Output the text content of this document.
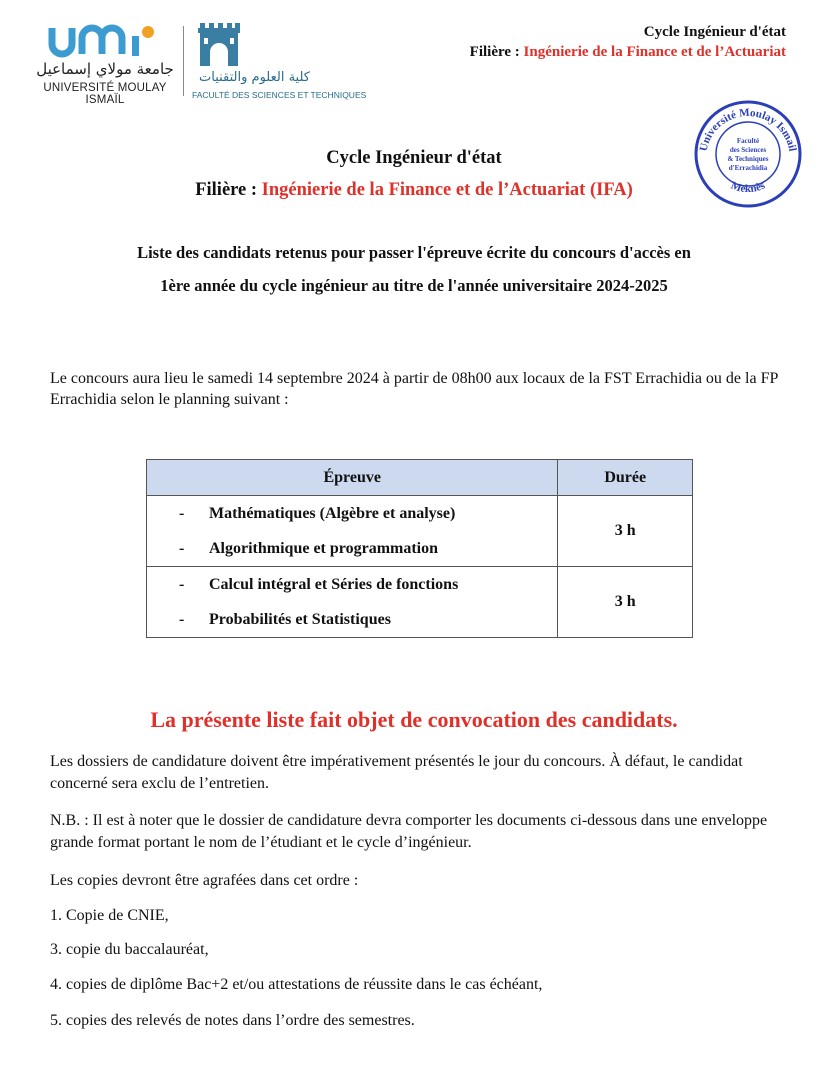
جامعة مولاي إسماعيل
UNIVERSITÉ MOULAY ISMAÏL
كلية العلوم والتقنيات
FACULTÉ DES SCIENCES ET TECHNIQUES
Cycle Ingénieur d'état
Filière : Ingénierie de la Finance et de l’Actuariat
Université Moulay Ismail
Meknès
Faculté
des Sciences
& Techniques
d'Errachidia
Cycle Ingénieur d'état
Filière : Ingénierie de la Finance et de l’Actuariat (IFA)
Liste des candidats retenus pour passer l'épreuve écrite du concours d'accès en
1ère année du cycle ingénieur au titre de l'année universitaire 2024-2025
Le concours aura lieu le samedi 14 septembre 2024 à partir de 08h00 aux locaux de la FST Errachidia ou de la FP Errachidia selon le planning suivant :
Épreuve	Durée

- Mathématiques (Algèbre et analyse)
- Algorithmique et programmation	3 h

- Calcul intégral et Séries de fonctions
- Probabilités et Statistiques	3 h
La présente liste fait objet de convocation des candidats.
Les dossiers de candidature doivent être impérativement présentés le jour du concours. À défaut, le candidat concerné sera exclu de l’entretien.
N.B. : Il est à noter que le dossier de candidature devra comporter les documents ci-dessous dans une enveloppe grande format portant le nom de l’étudiant et le cycle d’ingénieur.
Les copies devront être agrafées dans cet ordre :
1. Copie de CNIE,
3. copie du baccalauréat,
4. copies de diplôme Bac+2 et/ou attestations de réussite dans le cas échéant,
5. copies des relevés de notes dans l’ordre des semestres.
